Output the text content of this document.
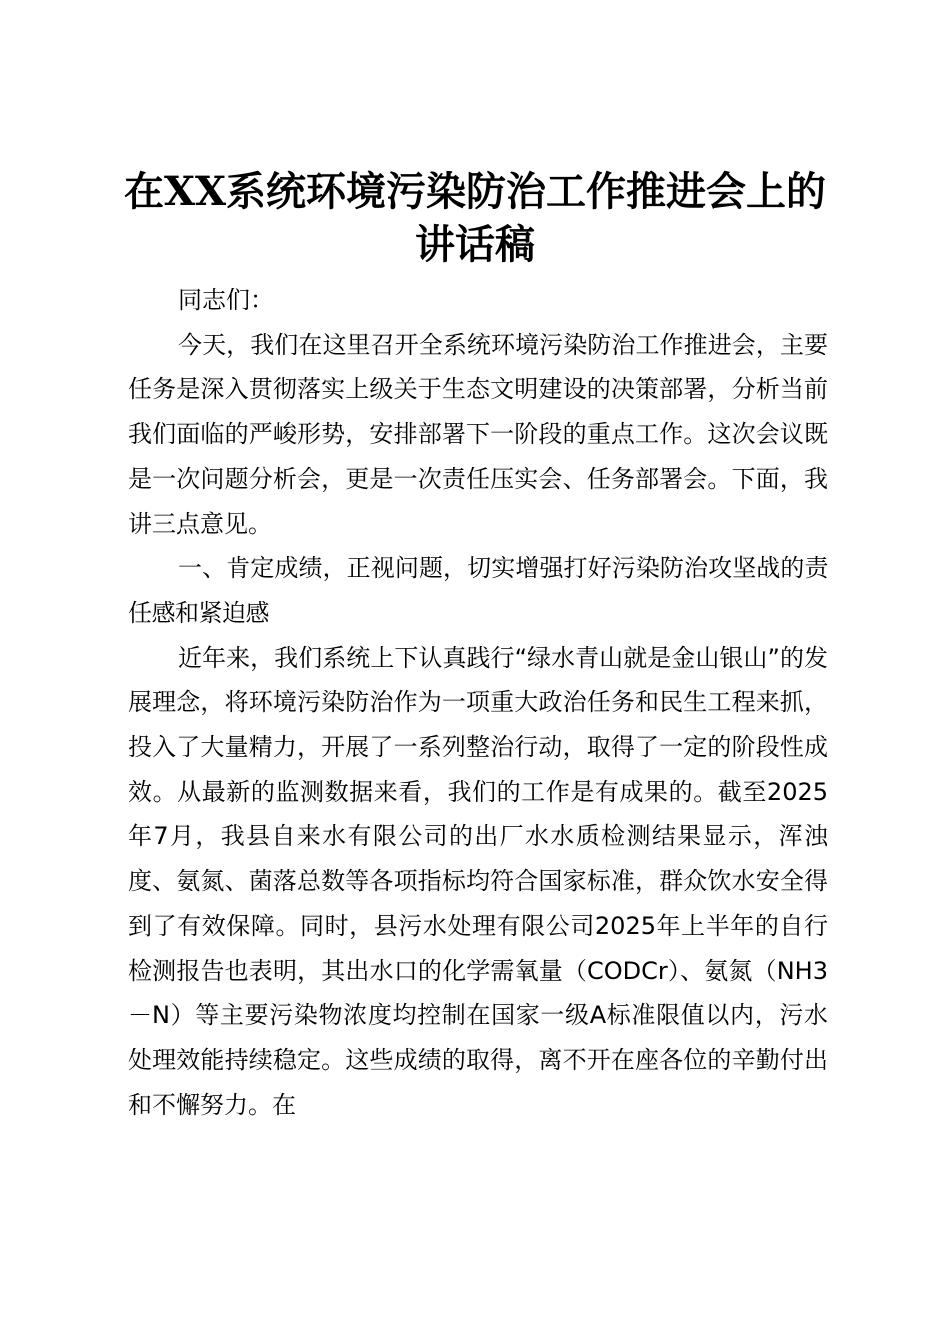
在XX系统环境污染防治工作推进会上的讲话稿

同志们：

今天，我们在这里召开全系统环境污染防治工作推进会，主要任务是深入贯彻落实上级关于生态文明建设的决策部署，分析当前我们面临的严峻形势，安排部署下一阶段的重点工作。这次会议既是一次问题分析会，更是一次责任压实会、任务部署会。下面，我讲三点意见。

一、肯定成绩，正视问题，切实增强打好污染防治攻坚战的责任感和紧迫感

近年来，我们系统上下认真践行“绿水青山就是金山银山”的发展理念，将环境污染防治作为一项重大政治任务和民生工程来抓，投入了大量精力，开展了一系列整治行动，取得了一定的阶段性成效。从最新的监测数据来看，我们的工作是有成果的。截至2025年7月，我县自来水有限公司的出厂水水质检测结果显示，浑浊度、氨氮、菌落总数等各项指标均符合国家标准，群众饮水安全得到了有效保障。同时，县污水处理有限公司2025年上半年的自行检测报告也表明，其出水口的化学需氧量（CODCr）、氨氮（NH3－N）等主要污染物浓度均控制在国家一级A标准限值以内，污水处理效能持续稳定。这些成绩的取得，离不开在座各位的辛勤付出和不懈努力。在
